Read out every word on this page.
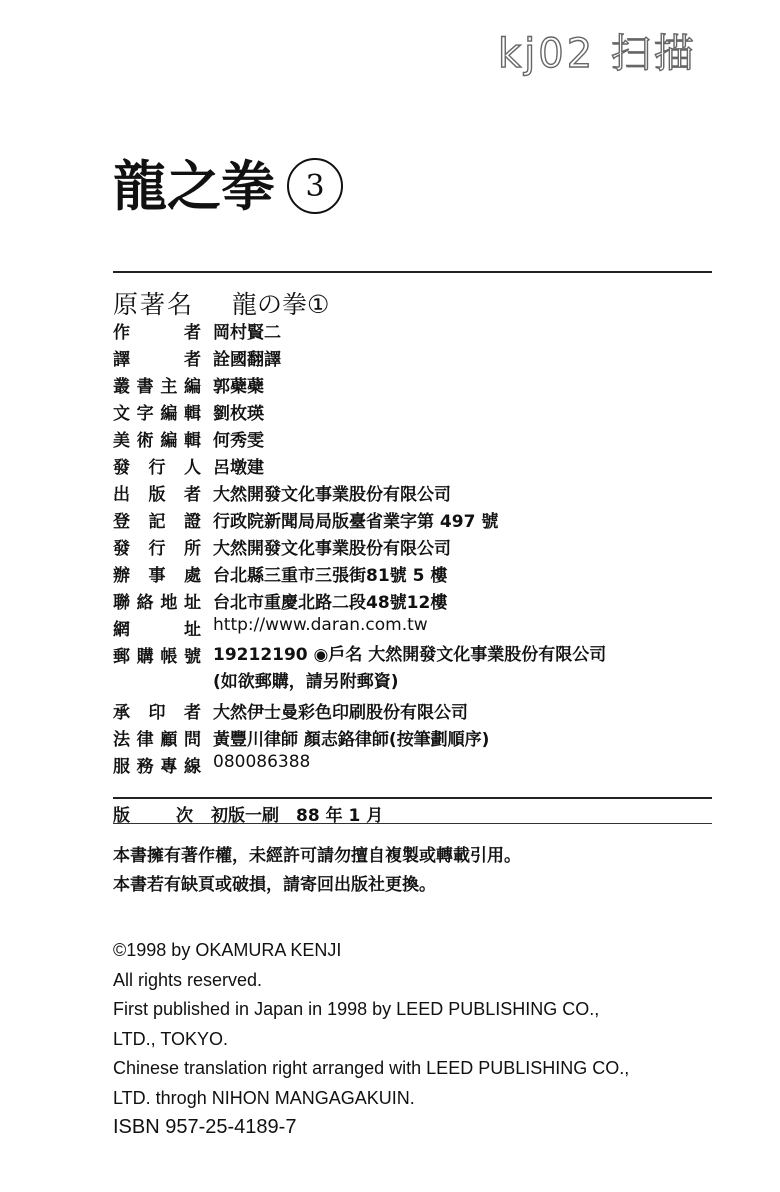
kj02 扫描
龍之拳	3
原著名 龍の拳①
作者 岡村賢二
譯者 詮國翻譯
叢書主編 郭蘗蘗
文字編輯 劉枚瑛
美術編輯 何秀雯
發行人 呂墩建
出版者 大然開發文化事業股份有限公司
登記證 行政院新聞局局版臺省業字第 497 號
發行所 大然開發文化事業股份有限公司
辦事處 台北縣三重市三張街81號 5 樓
聯絡地址 台北市重慶北路二段48號12樓
網址 http://www.daran.com.tw
郵購帳號 19212190 ◉戶名 大然開發文化事業股份有限公司
(如欲郵購，請另附郵資)
承印者 大然伊士曼彩色印刷股份有限公司
法律顧問 黃豐川律師 顏志鉻律師(按筆劃順序)
服務專線 080086388
版次 初版一刷　88 年 1 月
本書擁有著作權，未經許可請勿擅自複製或轉載引用。
本書若有缺頁或破損，請寄回出版社更換。
©1998 by OKAMURA KENJI
All rights reserved.
First published in Japan in 1998 by LEED PUBLISHING CO.,
LTD., TOKYO.
Chinese translation right arranged with LEED PUBLISHING CO.,
LTD. throgh NIHON MANGAGAKUIN.
ISBN 957-25-4189-7
